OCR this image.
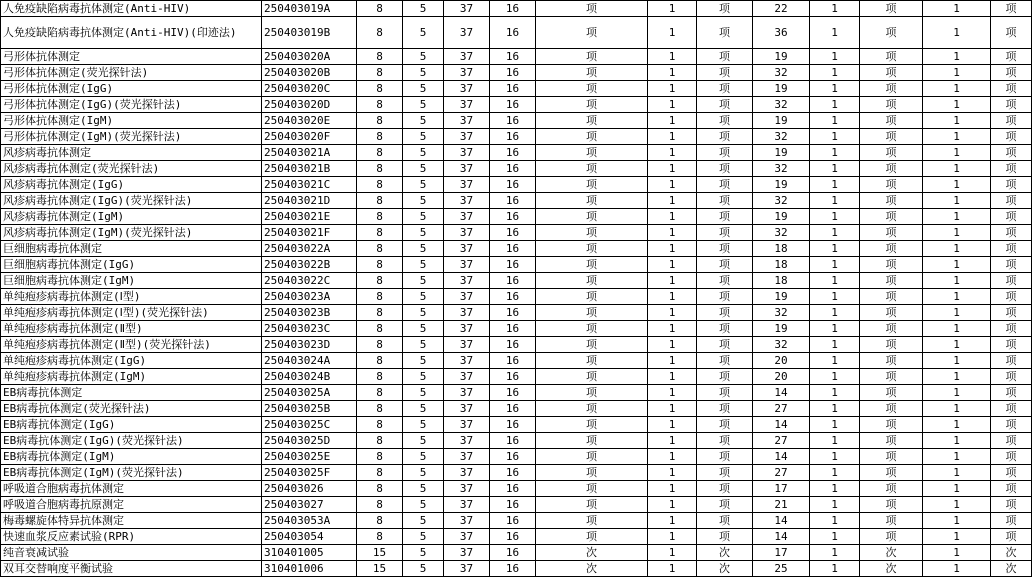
人免疫缺陷病毒抗体测定(Anti-HIV)	250403019A	8	5	37	16	项	1	项	22	1	项	1	项
人免疫缺陷病毒抗体测定(Anti-HIV)(印迹法)	250403019B	8	5	37	16	项	1	项	36	1	项	1	项
弓形体抗体测定	250403020A	8	5	37	16	项	1	项	19	1	项	1	项
弓形体抗体测定(荧光探针法)	250403020B	8	5	37	16	项	1	项	32	1	项	1	项
弓形体抗体测定(IgG)	250403020C	8	5	37	16	项	1	项	19	1	项	1	项
弓形体抗体测定(IgG)(荧光探针法)	250403020D	8	5	37	16	项	1	项	32	1	项	1	项
弓形体抗体测定(IgM)	250403020E	8	5	37	16	项	1	项	19	1	项	1	项
弓形体抗体测定(IgM)(荧光探针法)	250403020F	8	5	37	16	项	1	项	32	1	项	1	项
风疹病毒抗体测定	250403021A	8	5	37	16	项	1	项	19	1	项	1	项
风疹病毒抗体测定(荧光探针法)	250403021B	8	5	37	16	项	1	项	32	1	项	1	项
风疹病毒抗体测定(IgG)	250403021C	8	5	37	16	项	1	项	19	1	项	1	项
风疹病毒抗体测定(IgG)(荧光探针法)	250403021D	8	5	37	16	项	1	项	32	1	项	1	项
风疹病毒抗体测定(IgM)	250403021E	8	5	37	16	项	1	项	19	1	项	1	项
风疹病毒抗体测定(IgM)(荧光探针法)	250403021F	8	5	37	16	项	1	项	32	1	项	1	项
巨细胞病毒抗体测定	250403022A	8	5	37	16	项	1	项	18	1	项	1	项
巨细胞病毒抗体测定(IgG)	250403022B	8	5	37	16	项	1	项	18	1	项	1	项
巨细胞病毒抗体测定(IgM)	250403022C	8	5	37	16	项	1	项	18	1	项	1	项
单纯疱疹病毒抗体测定(Ⅰ型)	250403023A	8	5	37	16	项	1	项	19	1	项	1	项
单纯疱疹病毒抗体测定(Ⅰ型)(荧光探针法)	250403023B	8	5	37	16	项	1	项	32	1	项	1	项
单纯疱疹病毒抗体测定(Ⅱ型)	250403023C	8	5	37	16	项	1	项	19	1	项	1	项
单纯疱疹病毒抗体测定(Ⅱ型)(荧光探针法)	250403023D	8	5	37	16	项	1	项	32	1	项	1	项
单纯疱疹病毒抗体测定(IgG)	250403024A	8	5	37	16	项	1	项	20	1	项	1	项
单纯疱疹病毒抗体测定(IgM)	250403024B	8	5	37	16	项	1	项	20	1	项	1	项
EB病毒抗体测定	250403025A	8	5	37	16	项	1	项	14	1	项	1	项
EB病毒抗体测定(荧光探针法)	250403025B	8	5	37	16	项	1	项	27	1	项	1	项
EB病毒抗体测定(IgG)	250403025C	8	5	37	16	项	1	项	14	1	项	1	项
EB病毒抗体测定(IgG)(荧光探针法)	250403025D	8	5	37	16	项	1	项	27	1	项	1	项
EB病毒抗体测定(IgM)	250403025E	8	5	37	16	项	1	项	14	1	项	1	项
EB病毒抗体测定(IgM)(荧光探针法)	250403025F	8	5	37	16	项	1	项	27	1	项	1	项
呼吸道合胞病毒抗体测定	250403026	8	5	37	16	项	1	项	17	1	项	1	项
呼吸道合胞病毒抗原测定	250403027	8	5	37	16	项	1	项	21	1	项	1	项
梅毒螺旋体特异抗体测定	250403053A	8	5	37	16	项	1	项	14	1	项	1	项
快速血浆反应素试验(RPR)	250403054	8	5	37	16	项	1	项	14	1	项	1	项
纯音衰减试验	310401005	15	5	37	16	次	1	次	17	1	次	1	次
双耳交替响度平衡试验	310401006	15	5	37	16	次	1	次	25	1	次	1	次
